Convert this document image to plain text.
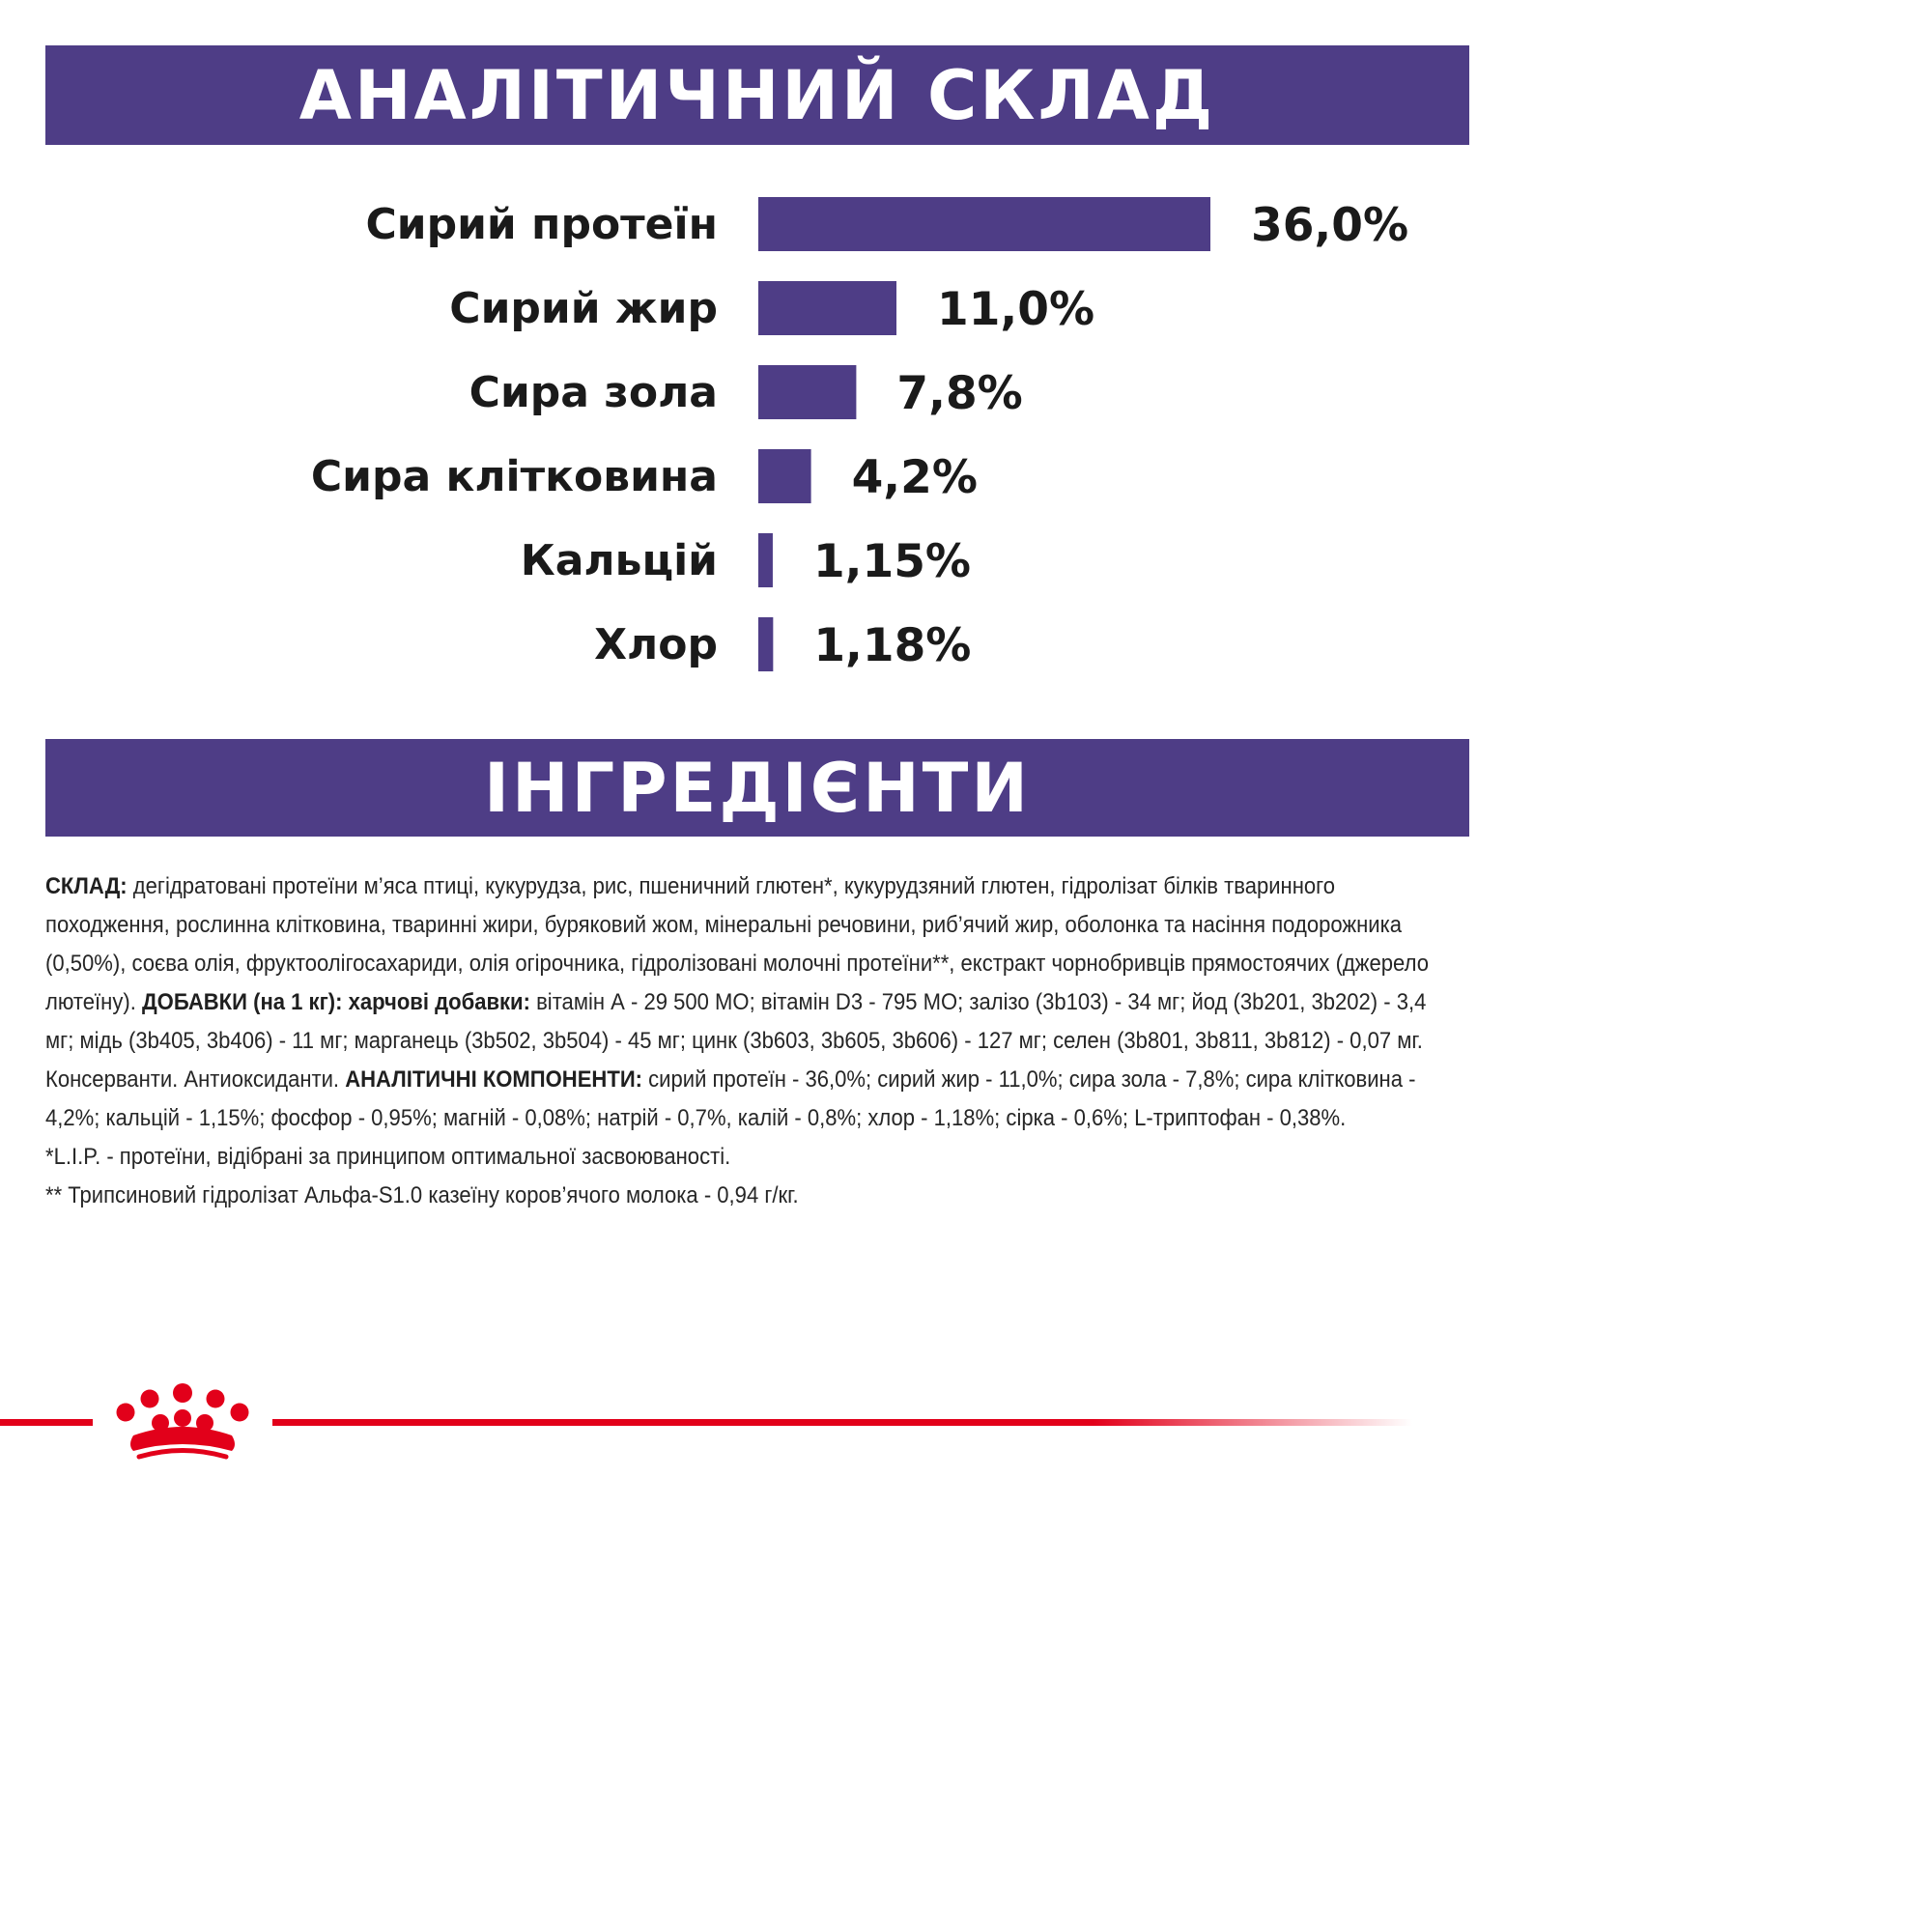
АНАЛІТИЧНИЙ СКЛАД
Сирий протеїн	36,0%
Сирий жир	11,0%
Сира зола	7,8%
Сира клітковина	4,2%
Кальцій 1,15%
Хлор 1,18%
ІНГРЕДІЄНТИ

СКЛАД: дегідратовані протеїни м’яса птиці, кукурудза, рис, пшеничний глютен*, кукурудзяний глютен, гідролізат білків тваринного походження, рослинна клітковина, тваринні жири, буряковий жом, мінеральні речовини, риб’ячий жир, оболонка та насіння подорожника (0,50%), соєва олія, фруктоолігосахариди, олія огірочника, гідролізовані молочні протеїни**, екстракт чорнобривців прямостоячих (джерело лютеїну). ДОБАВКИ (на 1 кг): харчові добавки: вітамін А - 29 500 МО; вітамін D3 - 795 МО; залізо (3b103) - 34 мг; йод (3b201, 3b202) - 3,4 мг; мідь (3b405, 3b406) - 11 мг; марганець (3b502, 3b504) - 45 мг; цинк (3b603, 3b605, 3b606) - 127 мг; селен (3b801, 3b811, 3b812) - 0,07 мг. Консерванти. Антиоксиданти. АНАЛІТИЧНІ КОМПОНЕНТИ: сирий протеїн - 36,0%; сирий жир - 11,0%; сира зола - 7,8%; сира клітковина - 4,2%; кальцій - 1,15%; фосфор - 0,95%; магній - 0,08%; натрій - 0,7%, калій - 0,8%; хлор - 1,18%; сірка - 0,6%; L-триптофан - 0,38%.

*L.I.P. - протеїни, відібрані за принципом оптимальної засвоюваності.

** Трипсиновий гідролізат Альфа-S1.0 казеїну коров’ячого молока - 0,94 г/кг.
